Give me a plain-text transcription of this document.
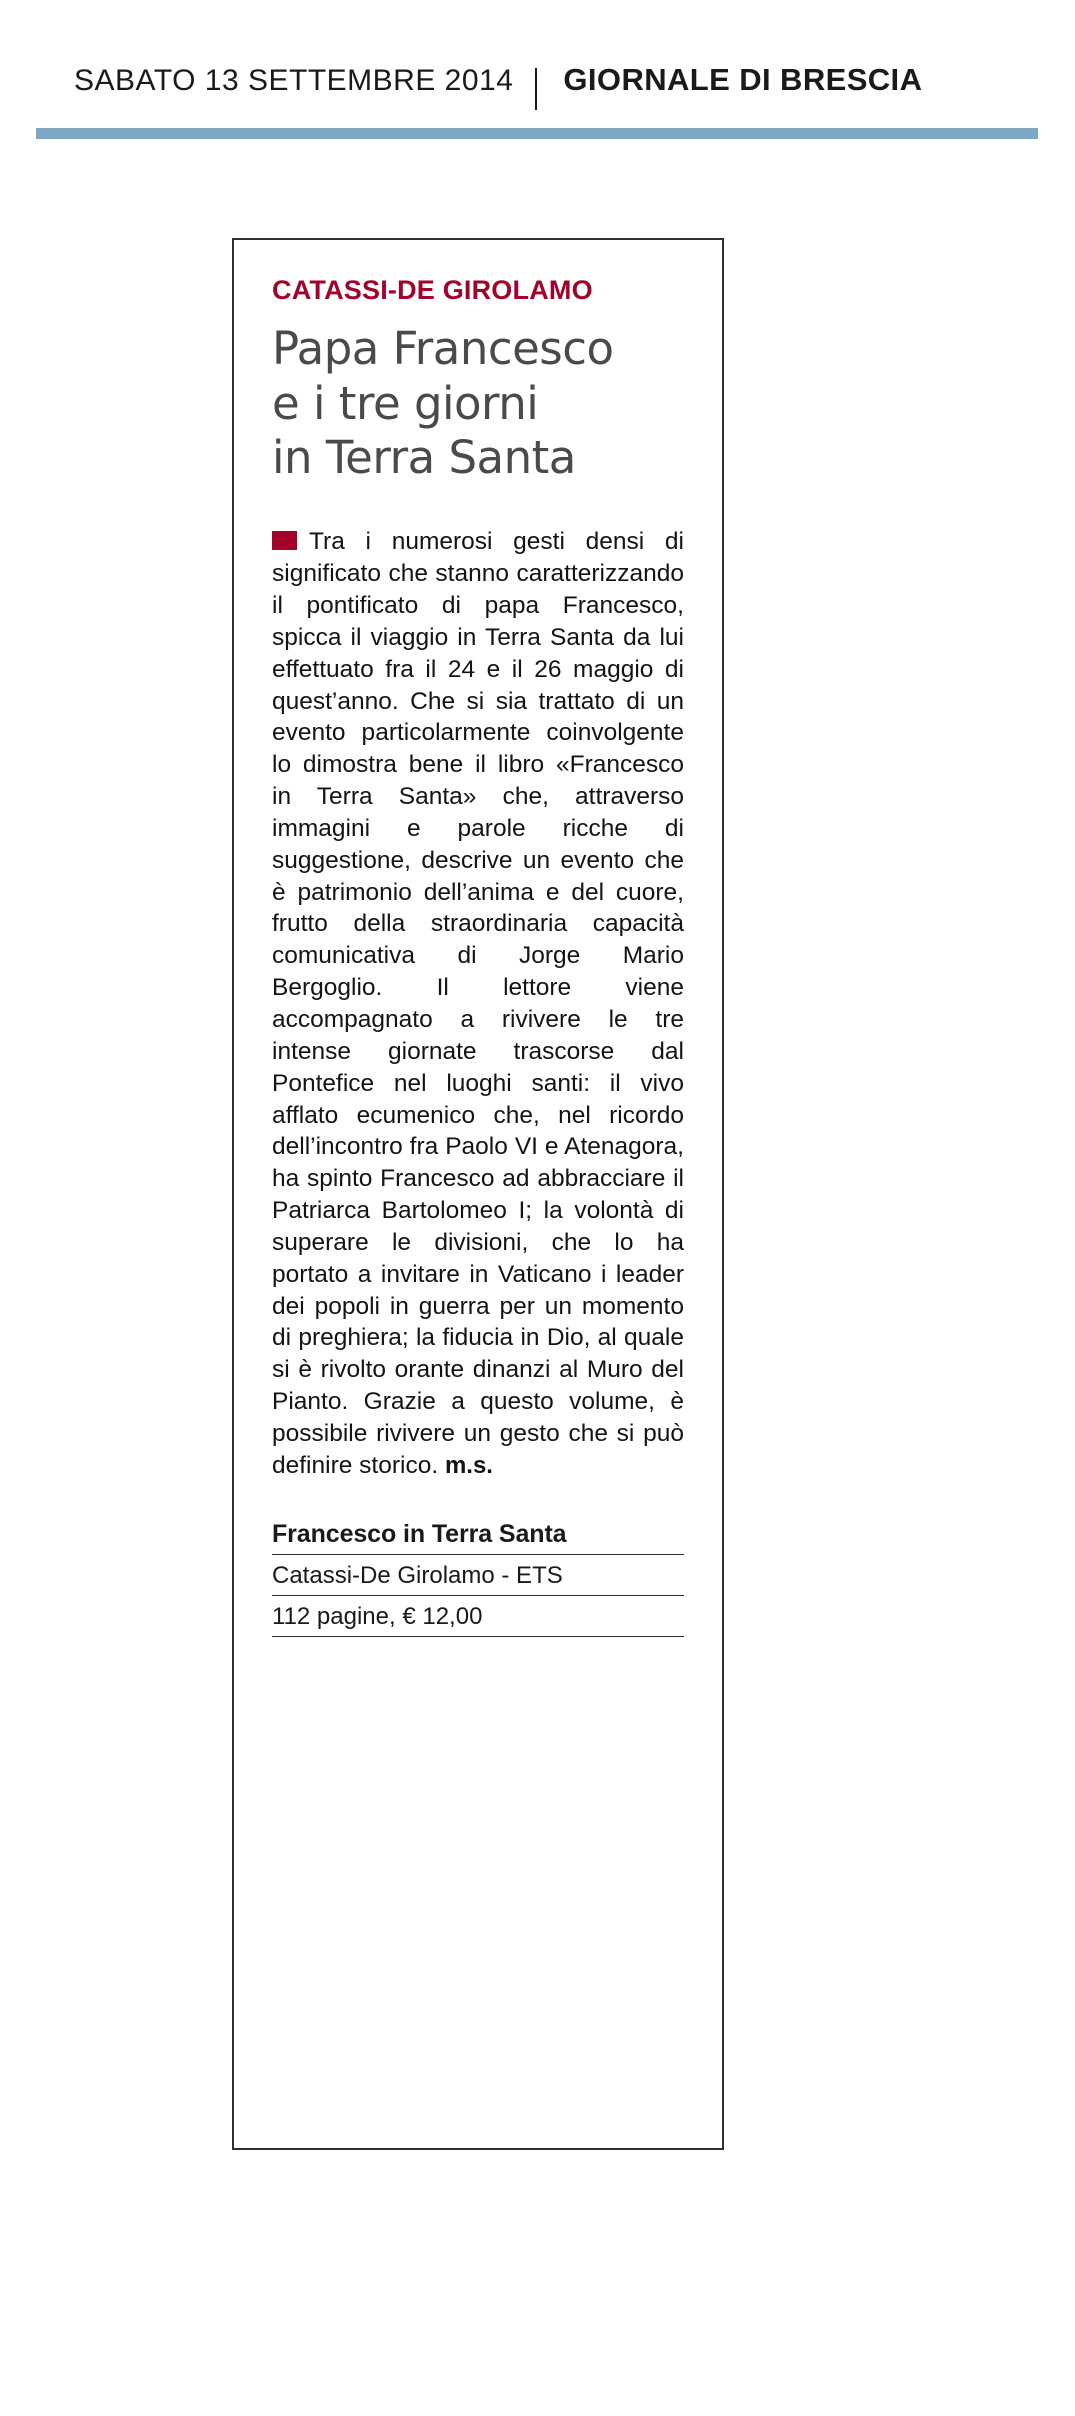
SABATO 13 SETTEMBRE 2014	GIORNALE DI BRESCIA
CATASSI-DE GIROLAMO
Papa Francesco
e i tre giorni
in Terra Santa

Tra i numerosi gesti densi di significato che stanno caratterizzando il pontificato di papa Francesco, spicca il viaggio in Terra Santa da lui effettuato fra il 24 e il 26 maggio di quest’anno. Che si sia trattato di un evento particolarmente coinvolgente lo dimostra bene il libro «Francesco in Terra Santa» che, attraverso immagini e parole ricche di suggestione, descrive un evento che è patrimonio dell’anima e del cuore, frutto della straordinaria capacità comunicativa di Jorge Mario Bergoglio. Il lettore viene accompagnato a rivivere le tre intense giornate trascorse dal Pontefice nel luoghi santi: il vivo afflato ecumenico che, nel ricordo dell’incontro fra Paolo VI e Atenagora, ha spinto Francesco ad abbracciare il Patriarca Bartolomeo I; la volontà di superare le divisioni, che lo ha portato a invitare in Vaticano i leader dei popoli in guerra per un momento di preghiera; la fiducia in Dio, al quale si è rivolto orante dinanzi al Muro del Pianto. Grazie a questo volume, è possibile rivivere un gesto che si può definire storico. m.s.

Francesco in Terra Santa
Catassi-De Girolamo - ETS
112 pagine, € 12,00
